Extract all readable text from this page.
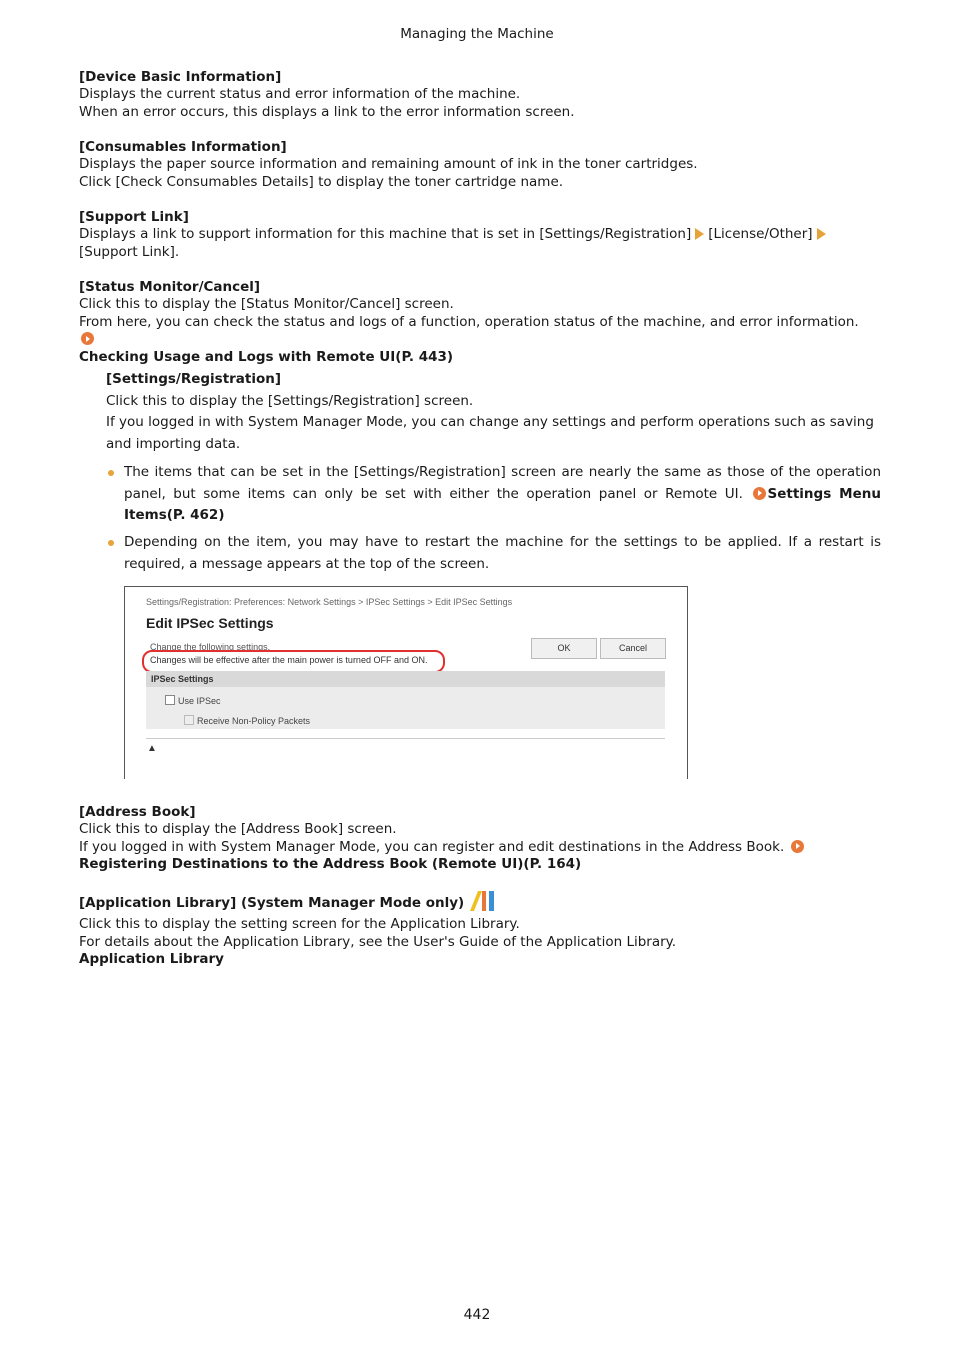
Managing the Machine
[Device Basic Information]
Displays the current status and error information of the machine.
When an error occurs, this displays a link to the error information screen.
[Consumables Information]
Displays the paper source information and remaining amount of ink in the toner cartridges.
Click [Check Consumables Details] to display the toner cartridge name.
[Support Link]
Displays a link to support information for this machine that is set in [Settings/Registration] [License/Other]
[Support Link].
[Status Monitor/Cancel]
Click this to display the [Status Monitor/Cancel] screen.
From here, you can check the status and logs of a function, operation status of the machine, and error information.
Checking Usage and Logs with Remote UI(P. 443)
[Settings/Registration]
Click this to display the [Settings/Registration] screen.
If you logged in with System Manager Mode, you can change any settings and perform operations such as saving and importing data.
The items that can be set in the [Settings/Registration] screen are nearly the same as those of the operation panel, but some items can only be set with either the operation panel or Remote UI. Settings Menu Items(P. 462)
Depending on the item, you may have to restart the machine for the settings to be applied. If a restart is required, a message appears at the top of the screen.
Settings/Registration: Preferences: Network Settings > IPSec Settings > Edit IPSec Settings
Edit IPSec Settings
Change the following settings.
Changes will be effective after the main power is turned OFF and ON.
OK	Cancel
IPSec Settings
Use IPSec
Receive Non-Policy Packets
▲
[Address Book]
Click this to display the [Address Book] screen.
If you logged in with System Manager Mode, you can register and edit destinations in the Address Book.
Registering Destinations to the Address Book (Remote UI)(P. 164)
[Application Library] (System Manager Mode only)
Click this to display the setting screen for the Application Library.
For details about the Application Library, see the User's Guide of the Application Library.
Application Library
442
